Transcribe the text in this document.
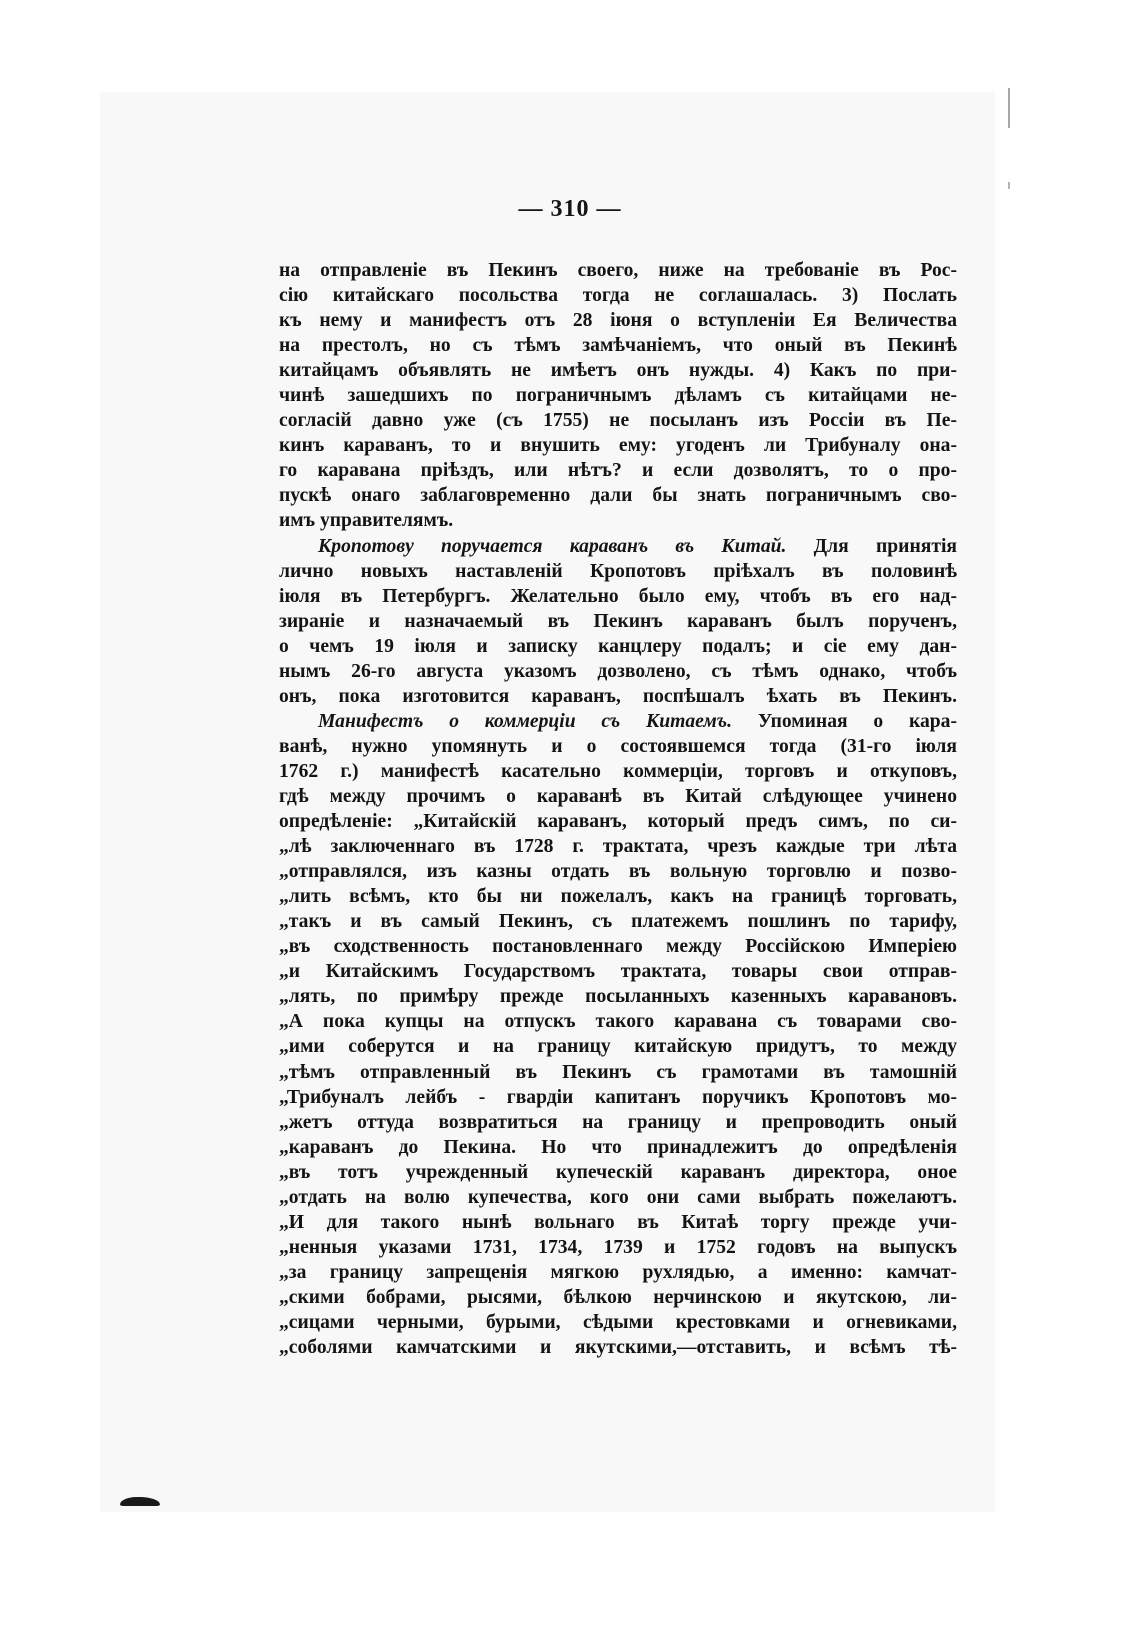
— 310 —
на отправленіе въ Пекинъ своего, ниже на требованіе въ Рос-
сію китайскаго посольства тогда не соглашалась. 3) Послать
къ нему и манифестъ отъ 28 іюня о вступленіи Ея Величества
на престолъ, но съ тѣмъ замѣчаніемъ, что оный въ Пекинѣ
китайцамъ объявлять не имѣетъ онъ нужды. 4) Какъ по при-
чинѣ зашедшихъ по пограничнымъ дѣламъ съ китайцами не-
согласій давно уже (съ 1755) не посыланъ изъ Россіи въ Пе-
кинъ караванъ, то и внушить ему: угоденъ ли Трибуналу она-
го каравана пріѣздъ, или нѣтъ? и если дозволятъ, то о про-
пускѣ онаго заблаговременно дали бы знать пограничнымъ сво-
имъ управителямъ.
Кропотову поручается караванъ въ Китай. Для принятія
лично новыхъ наставленій Кропотовъ пріѣхалъ въ половинѣ
іюля въ Петербургъ. Желательно было ему, чтобъ въ его над-
зираніе и назначаемый въ Пекинъ караванъ былъ порученъ,
о чемъ 19 іюля и записку канцлеру подалъ; и сіе ему дан-
нымъ 26-го августа указомъ дозволено, съ тѣмъ однако, чтобъ
онъ, пока изготовится караванъ, поспѣшалъ ѣхать въ Пекинъ.
Манифестъ о коммерціи съ Китаемъ. Упоминая о кара-
ванѣ, нужно упомянуть и о состоявшемся тогда (31-го іюля
1762 г.) манифестѣ касательно коммерціи, торговъ и откуповъ,
гдѣ между прочимъ о караванѣ въ Китай слѣдующее учинено
опредѣленіе: „Китайскій караванъ, который предъ симъ, по си-
„лѣ заключеннаго въ 1728 г. трактата, чрезъ каждые три лѣта
„отправлялся, изъ казны отдать въ вольную торговлю и позво-
„лить всѣмъ, кто бы ни пожелалъ, какъ на границѣ торговать,
„такъ и въ самый Пекинъ, съ платежемъ пошлинъ по тарифу,
„въ сходственность постановленнаго между Россійскою Имперіею
„и Китайскимъ Государствомъ трактата, товары свои отправ-
„лять, по примѣру прежде посыланныхъ казенныхъ каравановъ.
„А пока купцы на отпускъ такого каравана съ товарами сво-
„ими соберутся и на границу китайскую придутъ, то между
„тѣмъ отправленный въ Пекинъ съ грамотами въ тамошній
„Трибуналъ лейбъ - гвардіи капитанъ поручикъ Кропотовъ мо-
„жетъ оттуда возвратиться на границу и препроводить оный
„караванъ до Пекина. Но что принадлежитъ до опредѣленія
„въ тотъ учрежденный купеческій караванъ директора, оное
„отдать на волю купечества, кого они сами выбрать пожелаютъ.
„И для такого нынѣ вольнаго въ Китаѣ торгу прежде учи-
„ненныя указами 1731, 1734, 1739 и 1752 годовъ на выпускъ
„за границу запрещенія мягкою рухлядью, а именно: камчат-
„скими бобрами, рысями, бѣлкою нерчинскою и якутскою, ли-
„сицами черными, бурыми, сѣдыми крестовками и огневиками,
„соболями камчатскими и якутскими,—отставить, и всѣмъ тѣ-
